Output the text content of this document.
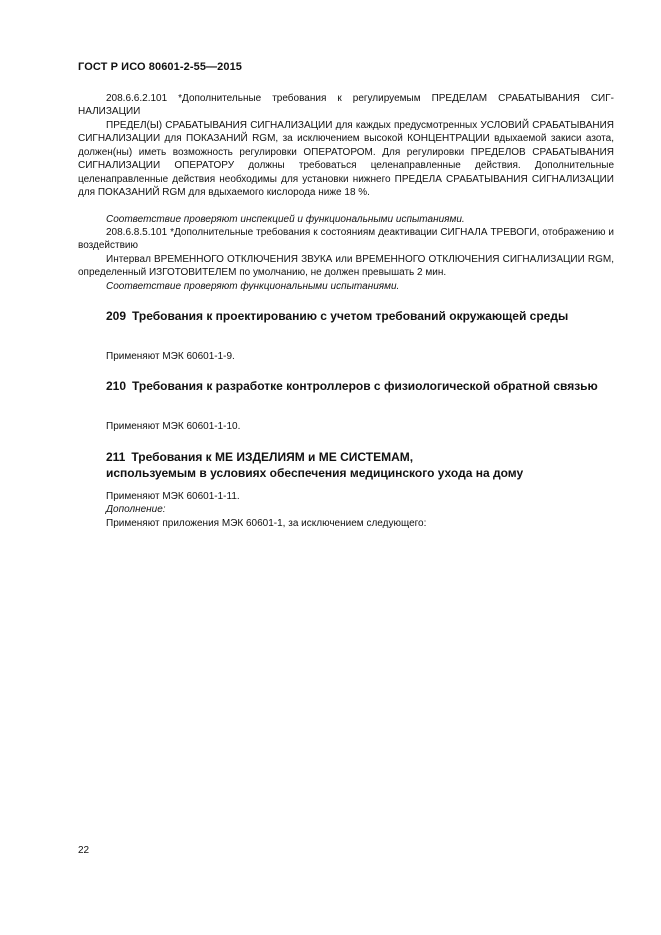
ГОСТ Р ИСО 80601-2-55—2015

208.6.6.2.101 *Дополнительные требования к регулируемым ПРЕДЕЛАМ СРАБАТЫВАНИЯ СИГНАЛИЗАЦИИ

ПРЕДЕЛ(Ы) СРАБАТЫВАНИЯ СИГНАЛИЗАЦИИ для каждых предусмотренных УСЛОВИЙ СРАБАТЫВАНИЯ СИГНАЛИЗАЦИИ для ПОКАЗАНИЙ RGM, за исключением высокой КОНЦЕНТРАЦИИ вдыхаемой закиси азота, должен(ны) иметь возможность регулировки ОПЕРАТОРОМ. Для регулировки ПРЕДЕЛОВ СРАБАТЫВАНИЯ СИГНАЛИЗАЦИИ ОПЕРАТОРУ должны требоваться целенаправленные действия. Дополнительные целенаправленные действия необходимы для установки нижнего ПРЕДЕЛА СРАБАТЫВАНИЯ СИГНАЛИЗАЦИИ для ПОКАЗАНИЙ RGM для вдыхаемого кислорода ниже 18 %.

Соответствие проверяют инспекцией и функциональными испытаниями.

208.6.8.5.101 *Дополнительные требования к состояниям деактивации СИГНАЛА ТРЕВОГИ, отображению и воздействию

Интервал ВРЕМЕННОГО ОТКЛЮЧЕНИЯ ЗВУКА или ВРЕМЕННОГО ОТКЛЮЧЕНИЯ СИГНАЛИЗАЦИИ RGM, определенный ИЗГОТОВИТЕЛЕМ по умолчанию, не должен превышать 2 мин.

Соответствие проверяют функциональными испытаниями.

209 Требования к проектированию с учетом требований окружающей среды

Применяют МЭК 60601-1-9.

210 Требования к разработке контроллеров с физиологической обратной связью

Применяют МЭК 60601-1-10.

211 Требования к МЕ ИЗДЕЛИЯМ и МЕ СИСТЕМАМ,
используемым в условиях обеспечения медицинского ухода на дому

Применяют МЭК 60601-1-11.

Дополнение:

Применяют приложения МЭК 60601-1, за исключением следующего:

22
